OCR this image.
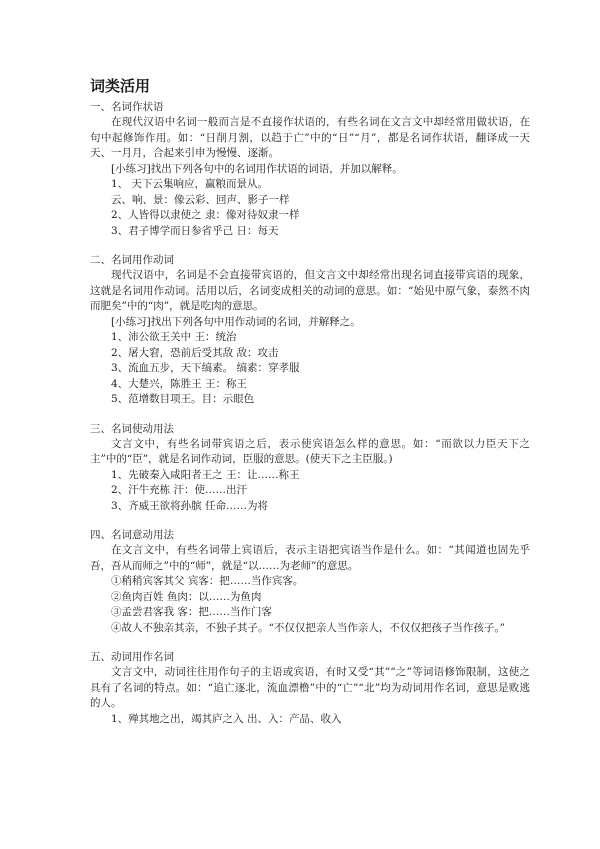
词类活用

一、名词作状语

在现代汉语中名词一般而言是不直接作状语的，有些名词在文言文中却经常用做状语，在句中起修饰作用。如：“日削月割，以趋于亡”中的“日”“月”，都是名词作状语，翻译成一天天、一月月，合起来引申为慢慢、逐渐。

[小练习]找出下列各句中的名词用作状语的词语，并加以解释。

1、 天下云集响应，赢粮而景从。

云、响、景：像云彩、回声、影子一样

2、人皆得以隶使之 隶：像对待奴隶一样

3、君子博学而日参省乎己 日：每天

二、名词用作动词

现代汉语中，名词是不会直接带宾语的，但文言文中却经常出现名词直接带宾语的现象，这就是名词用作动词。活用以后，名词变成相关的动词的意思。如：“始见中原气象，泰然不肉而肥矣”中的“肉”，就是吃肉的意思。

[小练习]找出下列各句中用作动词的名词，并解释之。

1、沛公欲王关中 王：统治

2、屠大窘，恐前后受其敌 敌：攻击

3、流血五步，天下缟素。 缟素：穿孝服

4、大楚兴，陈胜王 王：称王

5、范增数目项王。目：示眼色

三、名词使动用法

文言文中，有些名词带宾语之后，表示使宾语怎么样的意思。如：“而欲以力臣天下之主”中的“臣”，就是名词作动词，臣服的意思。(使天下之主臣服。)

1、先破秦入咸阳者王之 王：让……称王

2、汗牛充栋 汗：使……出汗

3、齐威王欲将孙膑 任命……为将

四、名词意动用法

在文言文中，有些名词带上宾语后，表示主语把宾语当作是什么。如：“其闻道也固先乎吾，吾从而师之”中的“师”，就是“以……为老师”的意思。

①稍稍宾客其父 宾客：把……当作宾客。

②鱼肉百姓 鱼肉：以……为鱼肉

③孟尝君客我 客：把……当作门客

④故人不独亲其亲，不独子其子。“不仅仅把亲人当作亲人，不仅仅把孩子当作孩子。”

五、动词用作名词

文言文中，动词往往用作句子的主语或宾语，有时又受“其”“之”等词语修饰限制，这使之具有了名词的特点。如：“追亡逐北，流血漂橹”中的“亡”“北”均为动词用作名词，意思是败逃的人。

1、殚其地之出，竭其庐之入 出、入：产品、收入
